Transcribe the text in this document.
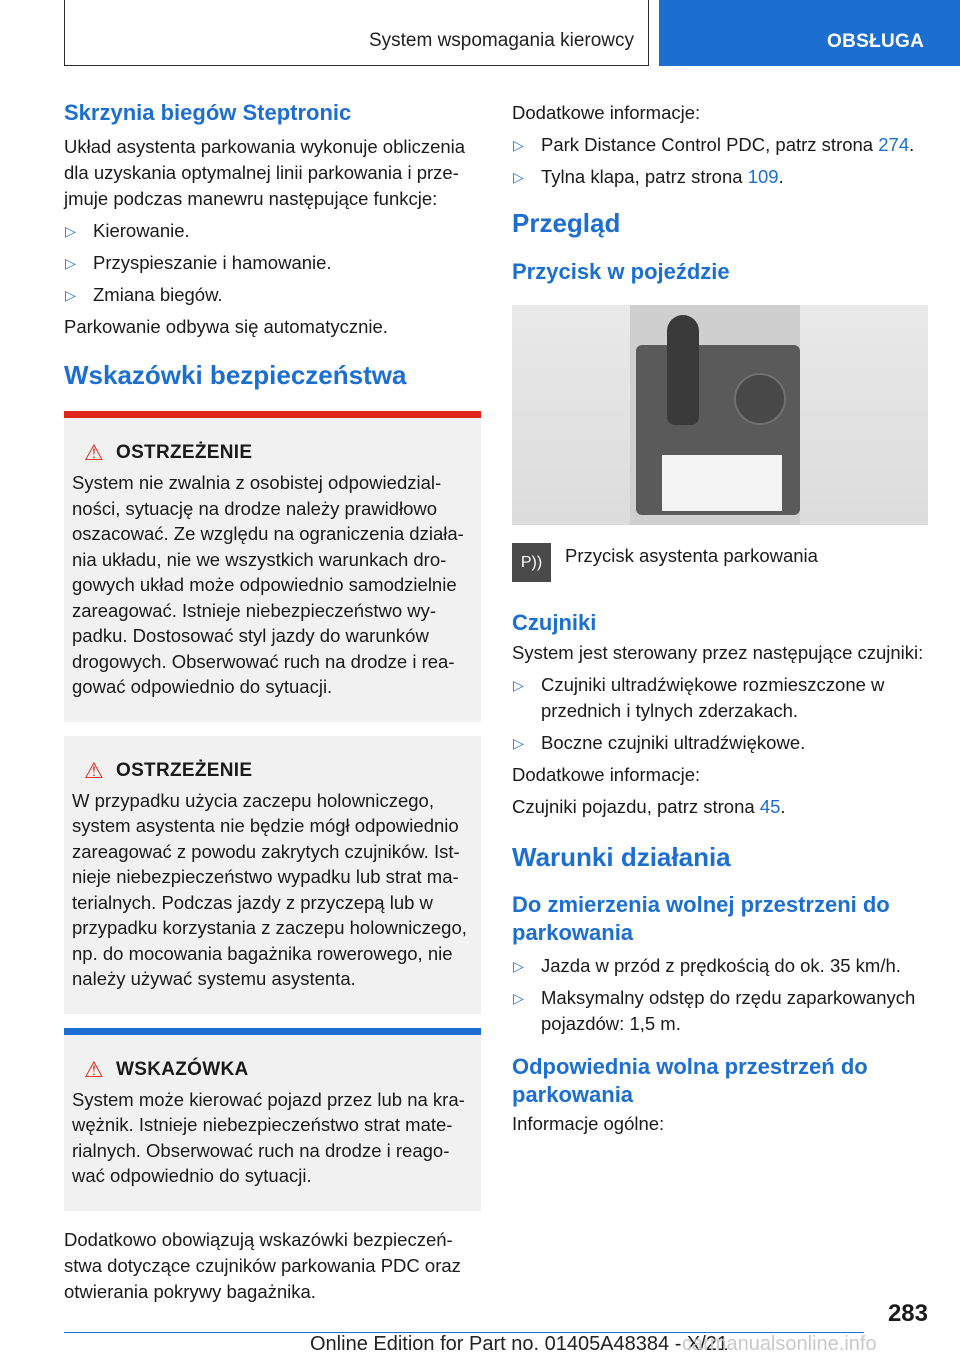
System wspomagania kierowcy	OBSŁUGA
Skrzynia biegów Steptronic

Układ asystenta parkowania wykonuje obliczenia dla uzyskania optymalnej linii parkowania i przejmuje podczas manewru następujące funkcje:

▷ Kierowanie.
▷ Przyspieszanie i hamowanie.
▷ Zmiana biegów.

Parkowanie odbywa się automatycznie.

Wskazówki bezpieczeństwa
⚠ OSTRZEŻENIE

System nie zwalnia z osobistej odpowiedzialności, sytuację na drodze należy prawidłowo oszacować. Ze względu na ograniczenia działania układu, nie we wszystkich warunkach drogowych układ może odpowiednio samodzielnie zareagować. Istnieje niebezpieczeństwo wypadku. Dostosować styl jazdy do warunków drogowych. Obserwować ruch na drodze i reagować odpowiednio do sytuacji.

⚠ OSTRZEŻENIE

W przypadku użycia zaczepu holowniczego, system asystenta nie będzie mógł odpowiednio zareagować z powodu zakrytych czujników. Istnieje niebezpieczeństwo wypadku lub strat materialnych. Podczas jazdy z przyczepą lub w przypadku korzystania z zaczepu holowniczego, np. do mocowania bagażnika rowerowego, nie należy używać systemu asystenta.

⚠ WSKAZÓWKA

System może kierować pojazd przez lub na krawężnik. Istnieje niebezpieczeństwo strat materialnych. Obserwować ruch na drodze i reagować odpowiednio do sytuacji.

Dodatkowo obowiązują wskazówki bezpieczeństwa dotyczące czujników parkowania PDC oraz otwierania pokrywy bagażnika.

Dodatkowe informacje:

▷ Park Distance Control PDC, patrz strona 274.
▷ Tylna klapa, patrz strona 109.
Przegląd
Przycisk w pojeździe
P))	Przycisk asystenta parkowania

Czujniki

System jest sterowany przez następujące czujniki:

▷ Czujniki ultradźwiękowe rozmieszczone w przednich i tylnych zderzakach.
▷ Boczne czujniki ultradźwiękowe.

Dodatkowe informacje:

Czujniki pojazdu, patrz strona 45.

Warunki działania
Do zmierzenia wolnej przestrzeni do parkowania
▷ Jazda w przód z prędkością do ok. 35 km/h.
▷ Maksymalny odstęp do rzędu zaparkowanych pojazdów: 1,5 m.
Odpowiednia wolna przestrzeń do parkowania

Informacje ogólne:

283
Online Edition for Part no. 01405A48384 - X/21
carmanualsonline.info
